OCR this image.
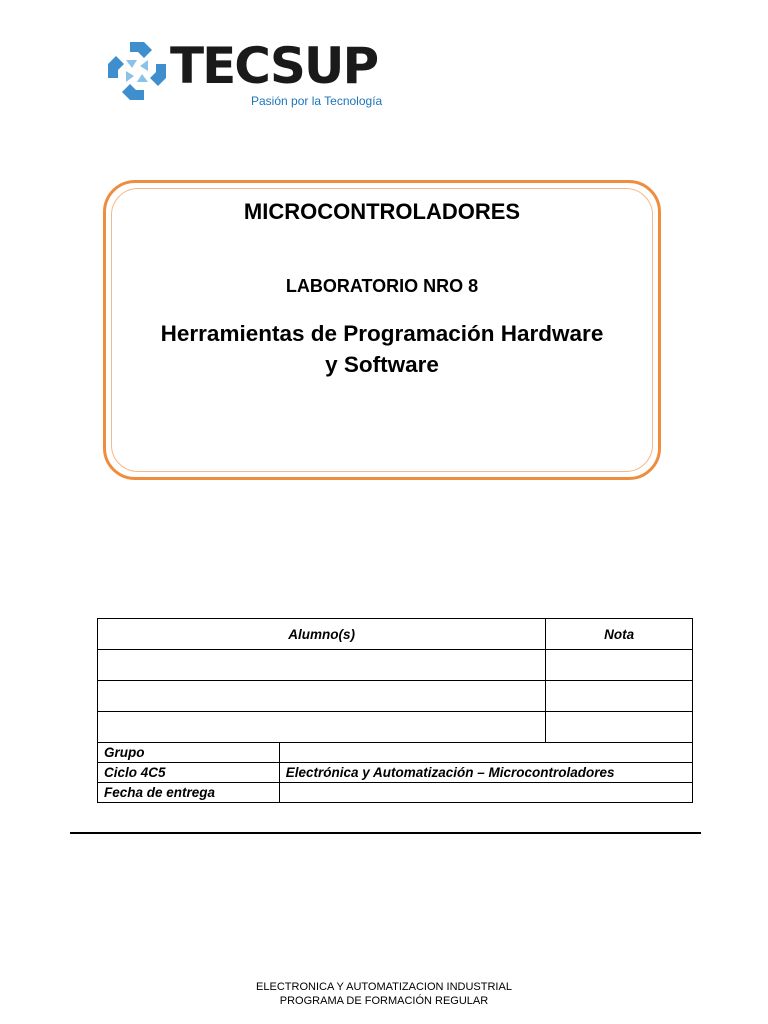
TECSUP
Pasión por la Tecnología
MICROCONTROLADORES
LABORATORIO NRO 8
Herramientas de Programación Hardware
y Software
Alumno(s)		Nota

Grupo		
Ciclo 4C5	Electrónica y Automatización – Microcontroladores	
Fecha de entrega		
ELECTRONICA Y AUTOMATIZACION INDUSTRIAL
PROGRAMA DE FORMACIÓN REGULAR
